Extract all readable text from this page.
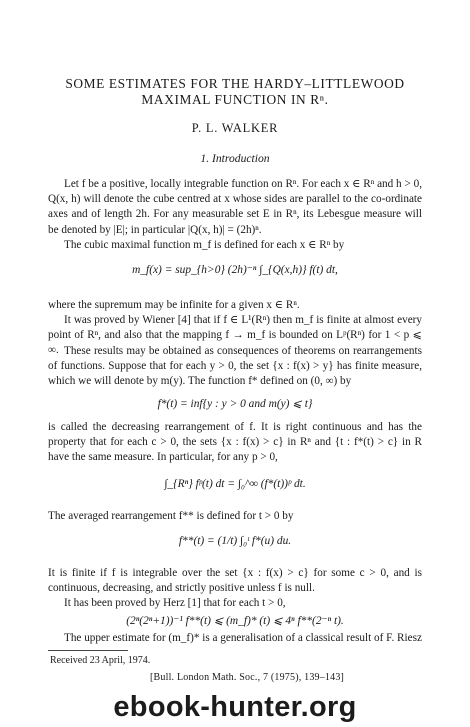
SOME ESTIMATES FOR THE HARDY–LITTLEWOOD
MAXIMAL FUNCTION IN Rⁿ.
P. L. WALKER
1. Introduction

Let f be a positive, locally integrable function on Rⁿ. For each x ∈ Rⁿ and h > 0, Q(x, h) will denote the cube centred at x whose sides are parallel to the co-ordinate axes and of length 2h. For any measurable set E in Rⁿ, its Lebesgue measure will be denoted by |E|; in particular |Q(x, h)| = (2h)ⁿ.

The cubic maximal function m_f is defined for each x ∈ Rⁿ by

m_f(x) = sup_{h>0} (2h)⁻ⁿ ∫_{Q(x,h)} f(t) dt,

where the supremum may be infinite for a given x ∈ Rⁿ.

It was proved by Wiener [4] that if f ∈ L¹(Rⁿ) then m_f is finite at almost every point of Rⁿ, and also that the mapping f → m_f is bounded on Lᵖ(Rⁿ) for 1 < p ⩽ ∞. These results may be obtained as consequences of theorems on rearrangements of functions. Suppose that for each y > 0, the set {x : f(x) > y} has finite measure, which we will denote by m(y). The function f* defined on (0, ∞) by

f*(t) = inf{y : y > 0 and m(y) ⩽ t}

is called the decreasing rearrangement of f. It is right continuous and has the property that for each c > 0, the sets {x : f(x) > c} in Rⁿ and {t : f*(t) > c} in R have the same measure. In particular, for any p > 0,

∫_{Rⁿ} fᵖ(t) dt = ∫₀^∞ (f*(t))ᵖ dt.

The averaged rearrangement f** is defined for t > 0 by

f**(t) = (1/t) ∫₀ᵗ f*(u) du.

It is finite if f is integrable over the set {x : f(x) > c} for some c > 0, and is continuous, decreasing, and strictly positive unless f is null.

It has been proved by Herz [1] that for each t > 0,

(2ⁿ(2ⁿ+1))⁻¹ f**(t) ⩽ (m_f)* (t) ⩽ 4ⁿ f**(2⁻ⁿ t).

The upper estimate for (m_f)* is a generalisation of a classical result of F. Riesz

Received 23 April, 1974.
[Bull. London Math. Soc., 7 (1975), 139–143]
ebook-hunter.org
